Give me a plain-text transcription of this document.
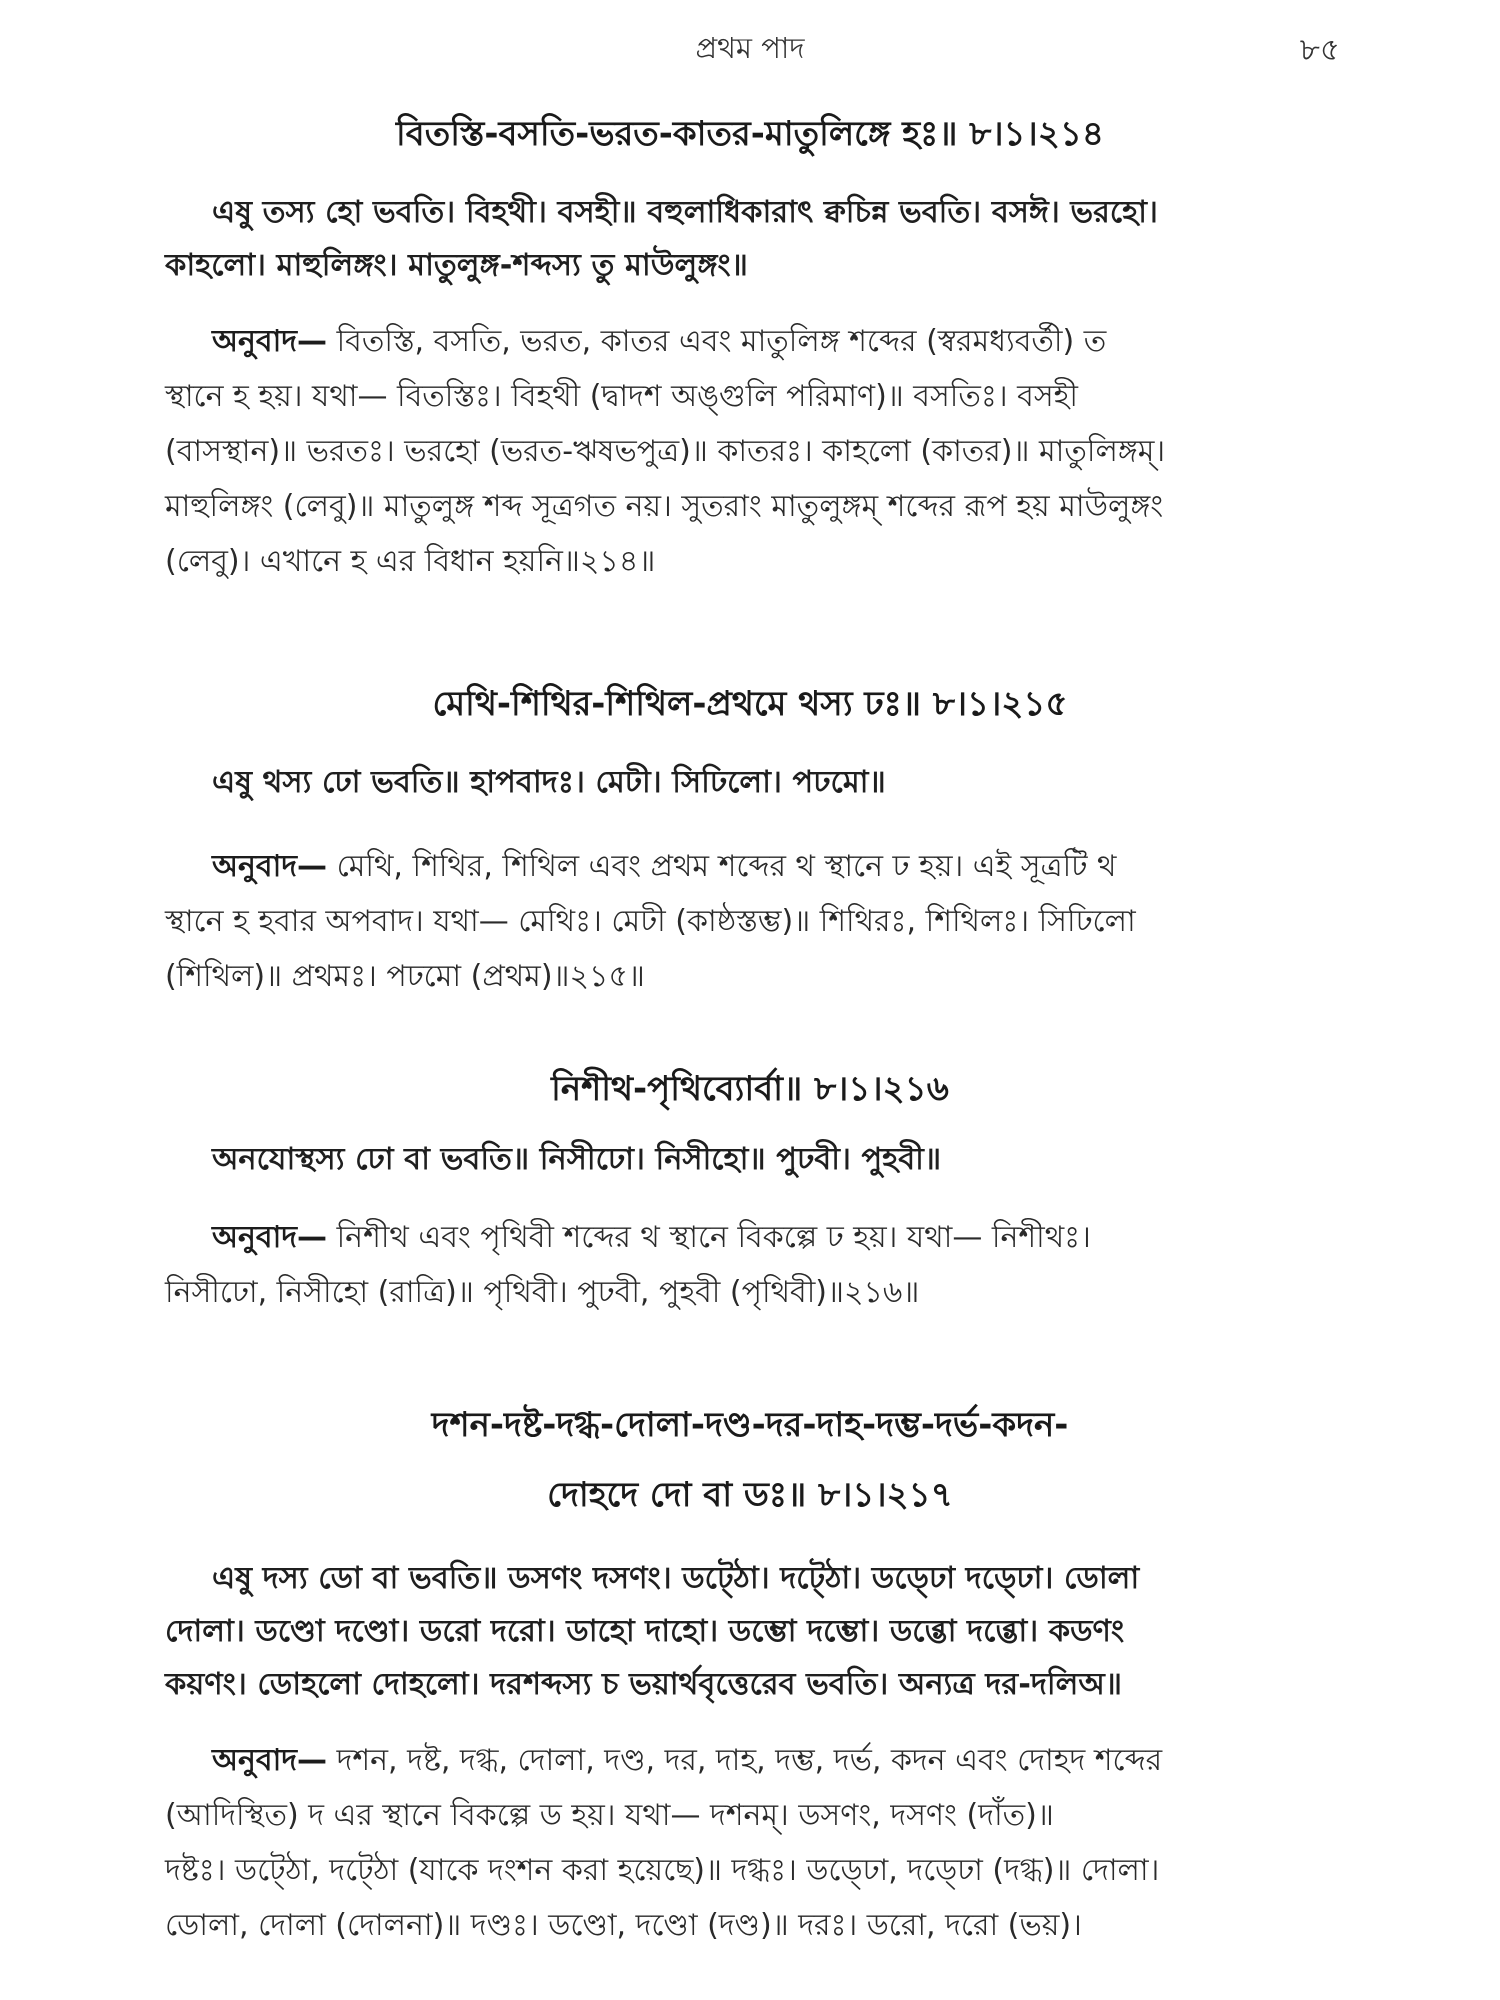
প্রথম পাদ	৮৫

বিতস্তি-বসতি-ভরত-কাতর-মাতুলিঙ্গে হঃ॥ ৮।১।২১৪

এষু তস্য হো ভবতি। বিহথী। বসহী॥ বহুলাধিকারাৎ ক্বচিন্ন ভবতি। বসঈ। ভরহো।
কাহলো। মাহুলিঙ্গং। মাতুলুঙ্গ-শব্দস্য তু মাউলুঙ্গং॥

অনুবাদ— বিতস্তি, বসতি, ভরত, কাতর এবং মাতুলিঙ্গ শব্দের (স্বরমধ্যবর্তী) ত
স্থানে হ হয়। যথা— বিতস্তিঃ। বিহথী (দ্বাদশ অঙ্গুলি পরিমাণ)॥ বসতিঃ। বসহী
(বাসস্থান)॥ ভরতঃ। ভরহো (ভরত-ঋষভপুত্র)॥ কাতরঃ। কাহলো (কাতর)॥ মাতুলিঙ্গম্।
মাহুলিঙ্গং (লেবু)॥ মাতুলুঙ্গ শব্দ সূত্রগত নয়। সুতরাং মাতুলুঙ্গম্ শব্দের রূপ হয় মাউলুঙ্গং
(লেবু)। এখানে হ এর বিধান হয়নি॥২১৪॥

মেথি-শিথির-শিথিল-প্রথমে থস্য ঢঃ॥ ৮।১।২১৫

এষু থস্য ঢো ভবতি॥ হাপবাদঃ। মেঢী। সিঢিলো। পঢমো॥

অনুবাদ— মেথি, শিথির, শিথিল এবং প্রথম শব্দের থ স্থানে ঢ হয়। এই সূত্রটি থ
স্থানে হ হবার অপবাদ। যথা— মেথিঃ। মেঢী (কাষ্ঠস্তম্ভ)॥ শিথিরঃ, শিথিলঃ। সিঢিলো
(শিথিল)॥ প্রথমঃ। পঢমো (প্রথম)॥২১৫॥

নিশীথ-পৃথিব্যোর্বা॥ ৮।১।২১৬

অনযোস্থস্য ঢো বা ভবতি॥ নিসীঢো। নিসীহো॥ পুঢবী। পুহবী॥

অনুবাদ— নিশীথ এবং পৃথিবী শব্দের থ স্থানে বিকল্পে ঢ হয়। যথা— নিশীথঃ।
নিসীঢো, নিসীহো (রাত্রি)॥ পৃথিবী। পুঢবী, পুহবী (পৃথিবী)॥২১৬॥

দশন-দষ্ট-দগ্ধ-দোলা-দণ্ড-দর-দাহ-দম্ভ-দর্ভ-কদন-
দোহদে দো বা ডঃ॥ ৮।১।২১৭

এষু দস্য ডো বা ভবতি॥ ডসণং দসণং। ডট্ঠো। দট্ঠো। ডড্ঢো দড্ঢো। ডোলা
দোলা। ডণ্ডো দণ্ডো। ডরো দরো। ডাহো দাহো। ডম্ভো দম্ভো। ডব্ভো দব্ভো। কডণং
কয়ণং। ডোহলো দোহলো। দরশব্দস্য চ ভয়ার্থবৃত্তেরেব ভবতি। অন্যত্র দর-দলিঅ॥

অনুবাদ— দশন, দষ্ট, দগ্ধ, দোলা, দণ্ড, দর, দাহ, দম্ভ, দর্ভ, কদন এবং দোহদ শব্দের
(আদিস্থিত) দ এর স্থানে বিকল্পে ড হয়। যথা— দশনম্। ডসণং, দসণং (দাঁত)॥
দষ্টঃ। ডট্ঠো, দট্ঠো (যাকে দংশন করা হয়েছে)॥ দগ্ধঃ। ডড্ঢো, দড্ঢো (দগ্ধ)॥ দোলা।
ডোলা, দোলা (দোলনা)॥ দণ্ডঃ। ডণ্ডো, দণ্ডো (দণ্ড)॥ দরঃ। ডরো, দরো (ভয়)।
